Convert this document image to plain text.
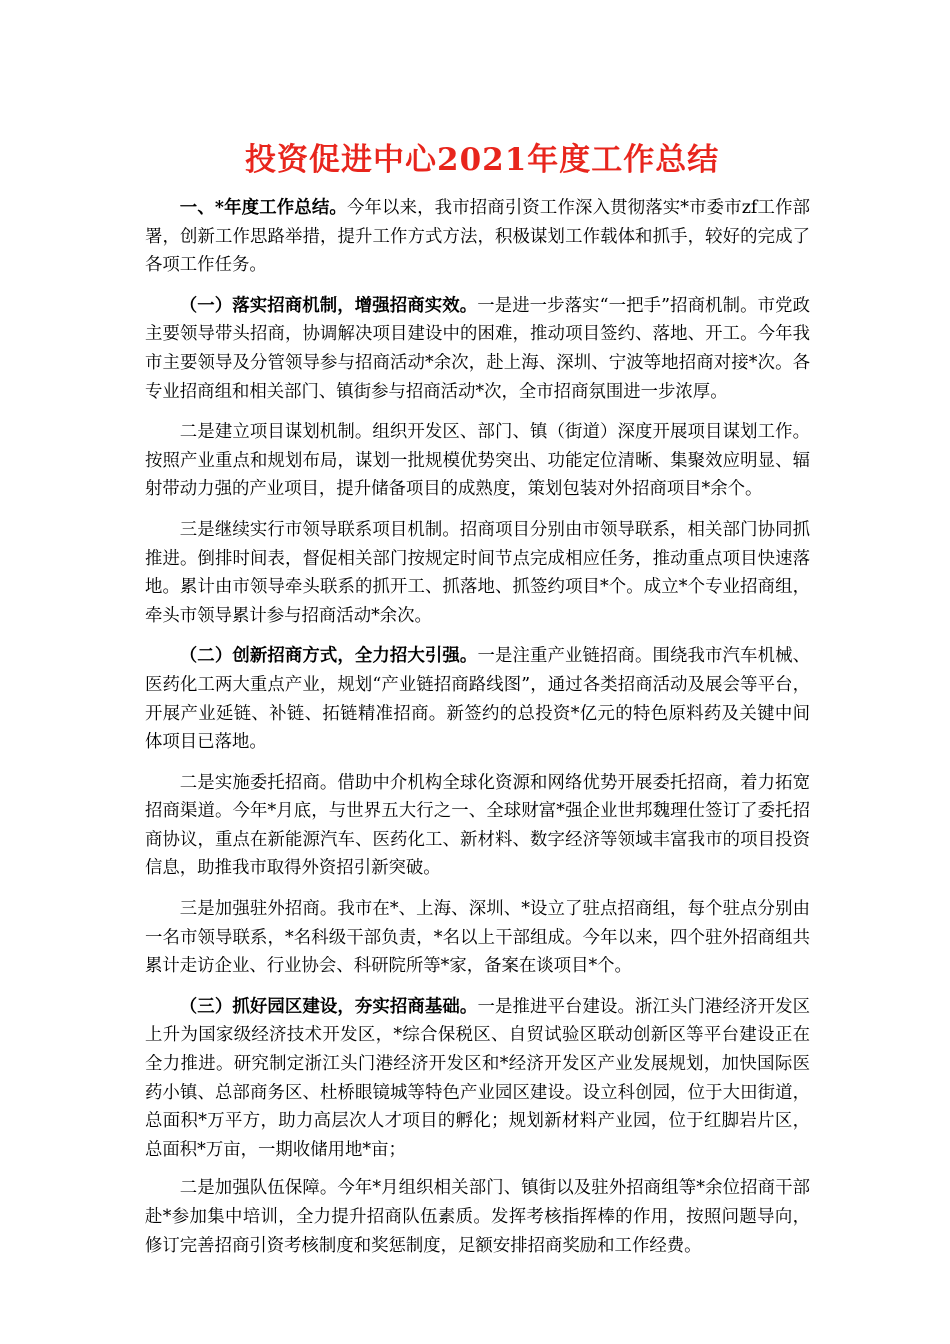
投资促进中心2021年度工作总结

一、*年度工作总结。今年以来，我市招商引资工作深入贯彻落实*市委市zf工作部署，创新工作思路举措，提升工作方式方法，积极谋划工作载体和抓手，较好的完成了各项工作任务。

（一）落实招商机制，增强招商实效。一是进一步落实“一把手”招商机制。市党政主要领导带头招商，协调解决项目建设中的困难，推动项目签约、落地、开工。今年我市主要领导及分管领导参与招商活动*余次，赴上海、深圳、宁波等地招商对接*次。各专业招商组和相关部门、镇街参与招商活动*次，全市招商氛围进一步浓厚。

二是建立项目谋划机制。组织开发区、部门、镇（街道）深度开展项目谋划工作。按照产业重点和规划布局，谋划一批规模优势突出、功能定位清晰、集聚效应明显、辐射带动力强的产业项目，提升储备项目的成熟度，策划包装对外招商项目*余个。

三是继续实行市领导联系项目机制。招商项目分别由市领导联系，相关部门协同抓推进。倒排时间表，督促相关部门按规定时间节点完成相应任务，推动重点项目快速落地。累计由市领导牵头联系的抓开工、抓落地、抓签约项目*个。成立*个专业招商组，牵头市领导累计参与招商活动*余次。

（二）创新招商方式，全力招大引强。一是注重产业链招商。围绕我市汽车机械、医药化工两大重点产业，规划“产业链招商路线图”，通过各类招商活动及展会等平台，开展产业延链、补链、拓链精准招商。新签约的总投资*亿元的特色原料药及关键中间体项目已落地。

二是实施委托招商。借助中介机构全球化资源和网络优势开展委托招商，着力拓宽招商渠道。今年*月底，与世界五大行之一、全球财富*强企业世邦魏理仕签订了委托招商协议，重点在新能源汽车、医药化工、新材料、数字经济等领域丰富我市的项目投资信息，助推我市取得外资招引新突破。

三是加强驻外招商。我市在*、上海、深圳、*设立了驻点招商组，每个驻点分别由一名市领导联系，*名科级干部负责，*名以上干部组成。今年以来，四个驻外招商组共累计走访企业、行业协会、科研院所等*家，备案在谈项目*个。

（三）抓好园区建设，夯实招商基础。一是推进平台建设。浙江头门港经济开发区上升为国家级经济技术开发区，*综合保税区、自贸试验区联动创新区等平台建设正在全力推进。研究制定浙江头门港经济开发区和*经济开发区产业发展规划，加快国际医药小镇、总部商务区、杜桥眼镜城等特色产业园区建设。设立科创园，位于大田街道，总面积*万平方，助力高层次人才项目的孵化；规划新材料产业园，位于红脚岩片区，总面积*万亩，一期收储用地*亩；

二是加强队伍保障。今年*月组织相关部门、镇街以及驻外招商组等*余位招商干部赴*参加集中培训，全力提升招商队伍素质。发挥考核指挥棒的作用，按照问题导向，修订完善招商引资考核制度和奖惩制度，足额安排招商奖励和工作经费。
